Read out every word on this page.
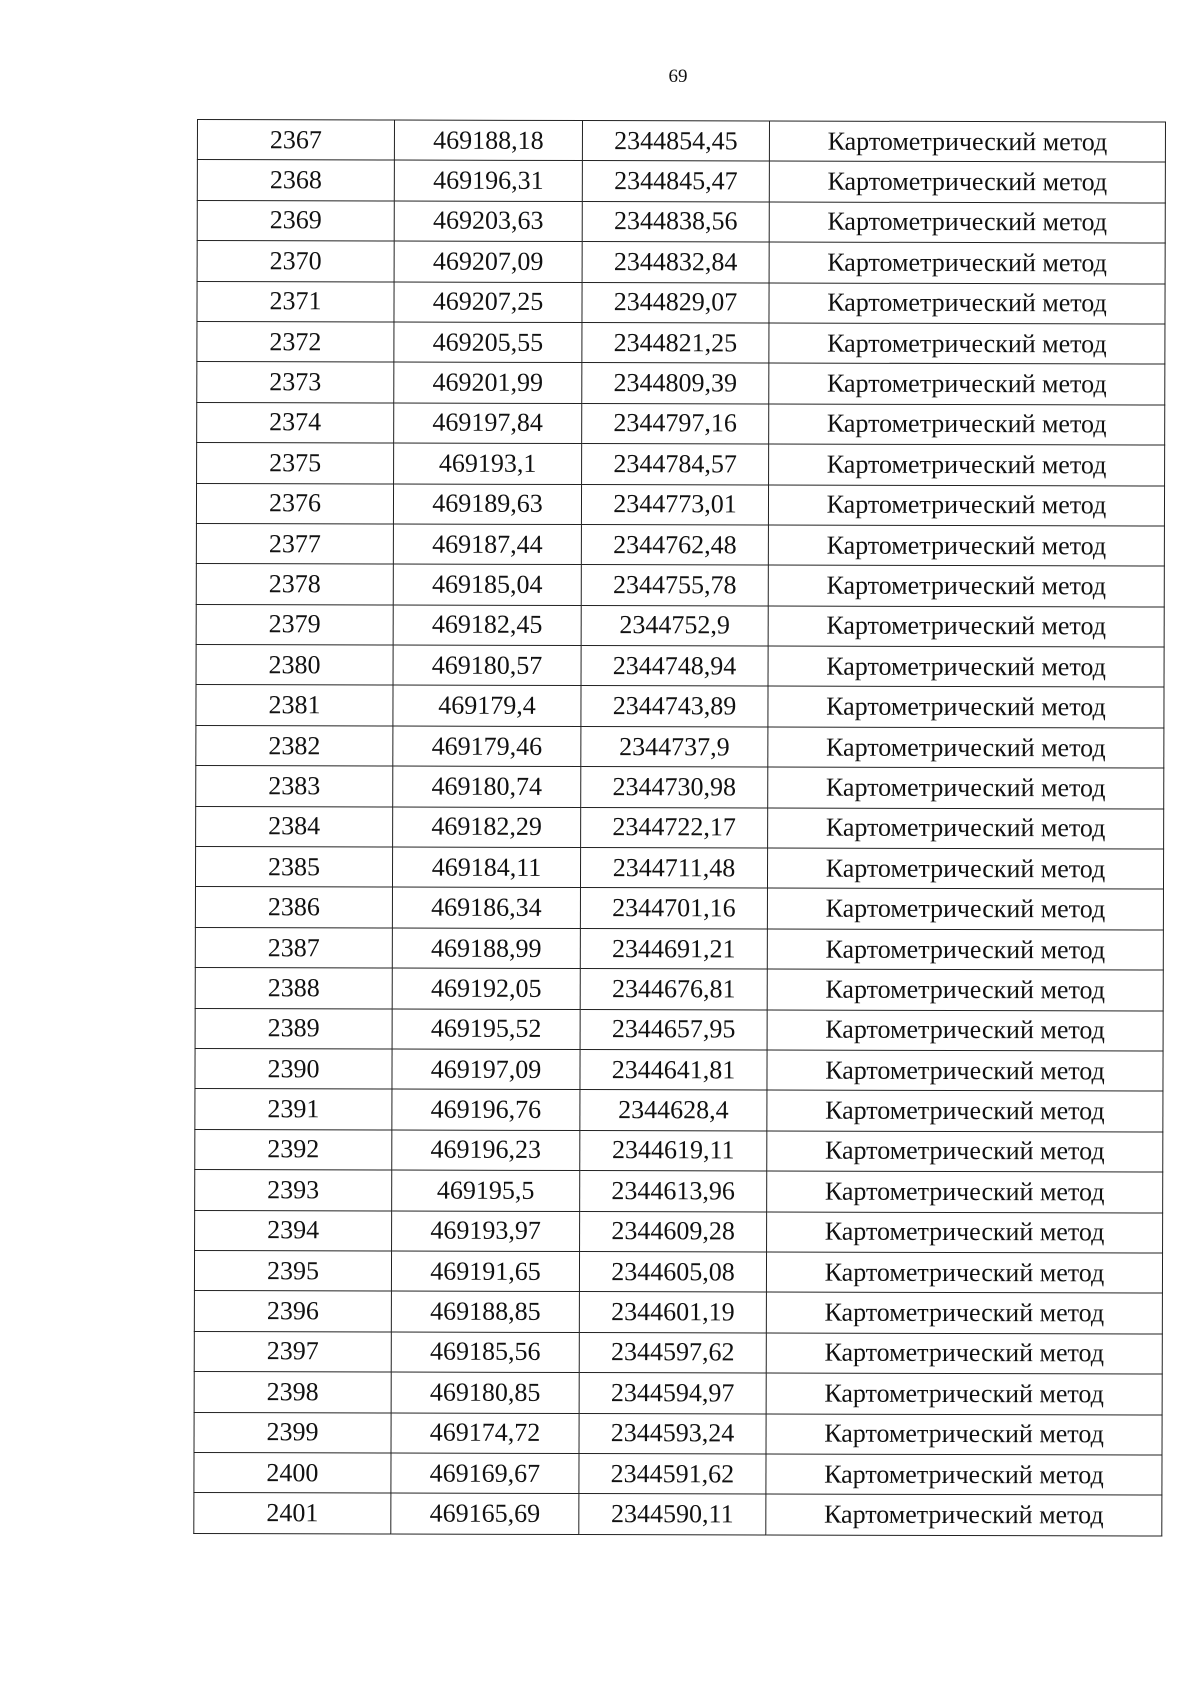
69
2367	469188,18	2344854,45	Картометрический метод
2368	469196,31	2344845,47	Картометрический метод
2369	469203,63	2344838,56	Картометрический метод
2370	469207,09	2344832,84	Картометрический метод
2371	469207,25	2344829,07	Картометрический метод
2372	469205,55	2344821,25	Картометрический метод
2373	469201,99	2344809,39	Картометрический метод
2374	469197,84	2344797,16	Картометрический метод
2375	469193,1	2344784,57	Картометрический метод
2376	469189,63	2344773,01	Картометрический метод
2377	469187,44	2344762,48	Картометрический метод
2378	469185,04	2344755,78	Картометрический метод
2379	469182,45	2344752,9	Картометрический метод
2380	469180,57	2344748,94	Картометрический метод
2381	469179,4	2344743,89	Картометрический метод
2382	469179,46	2344737,9	Картометрический метод
2383	469180,74	2344730,98	Картометрический метод
2384	469182,29	2344722,17	Картометрический метод
2385	469184,11	2344711,48	Картометрический метод
2386	469186,34	2344701,16	Картометрический метод
2387	469188,99	2344691,21	Картометрический метод
2388	469192,05	2344676,81	Картометрический метод
2389	469195,52	2344657,95	Картометрический метод
2390	469197,09	2344641,81	Картометрический метод
2391	469196,76	2344628,4	Картометрический метод
2392	469196,23	2344619,11	Картометрический метод
2393	469195,5	2344613,96	Картометрический метод
2394	469193,97	2344609,28	Картометрический метод
2395	469191,65	2344605,08	Картометрический метод
2396	469188,85	2344601,19	Картометрический метод
2397	469185,56	2344597,62	Картометрический метод
2398	469180,85	2344594,97	Картометрический метод
2399	469174,72	2344593,24	Картометрический метод
2400	469169,67	2344591,62	Картометрический метод
2401	469165,69	2344590,11	Картометрический метод
